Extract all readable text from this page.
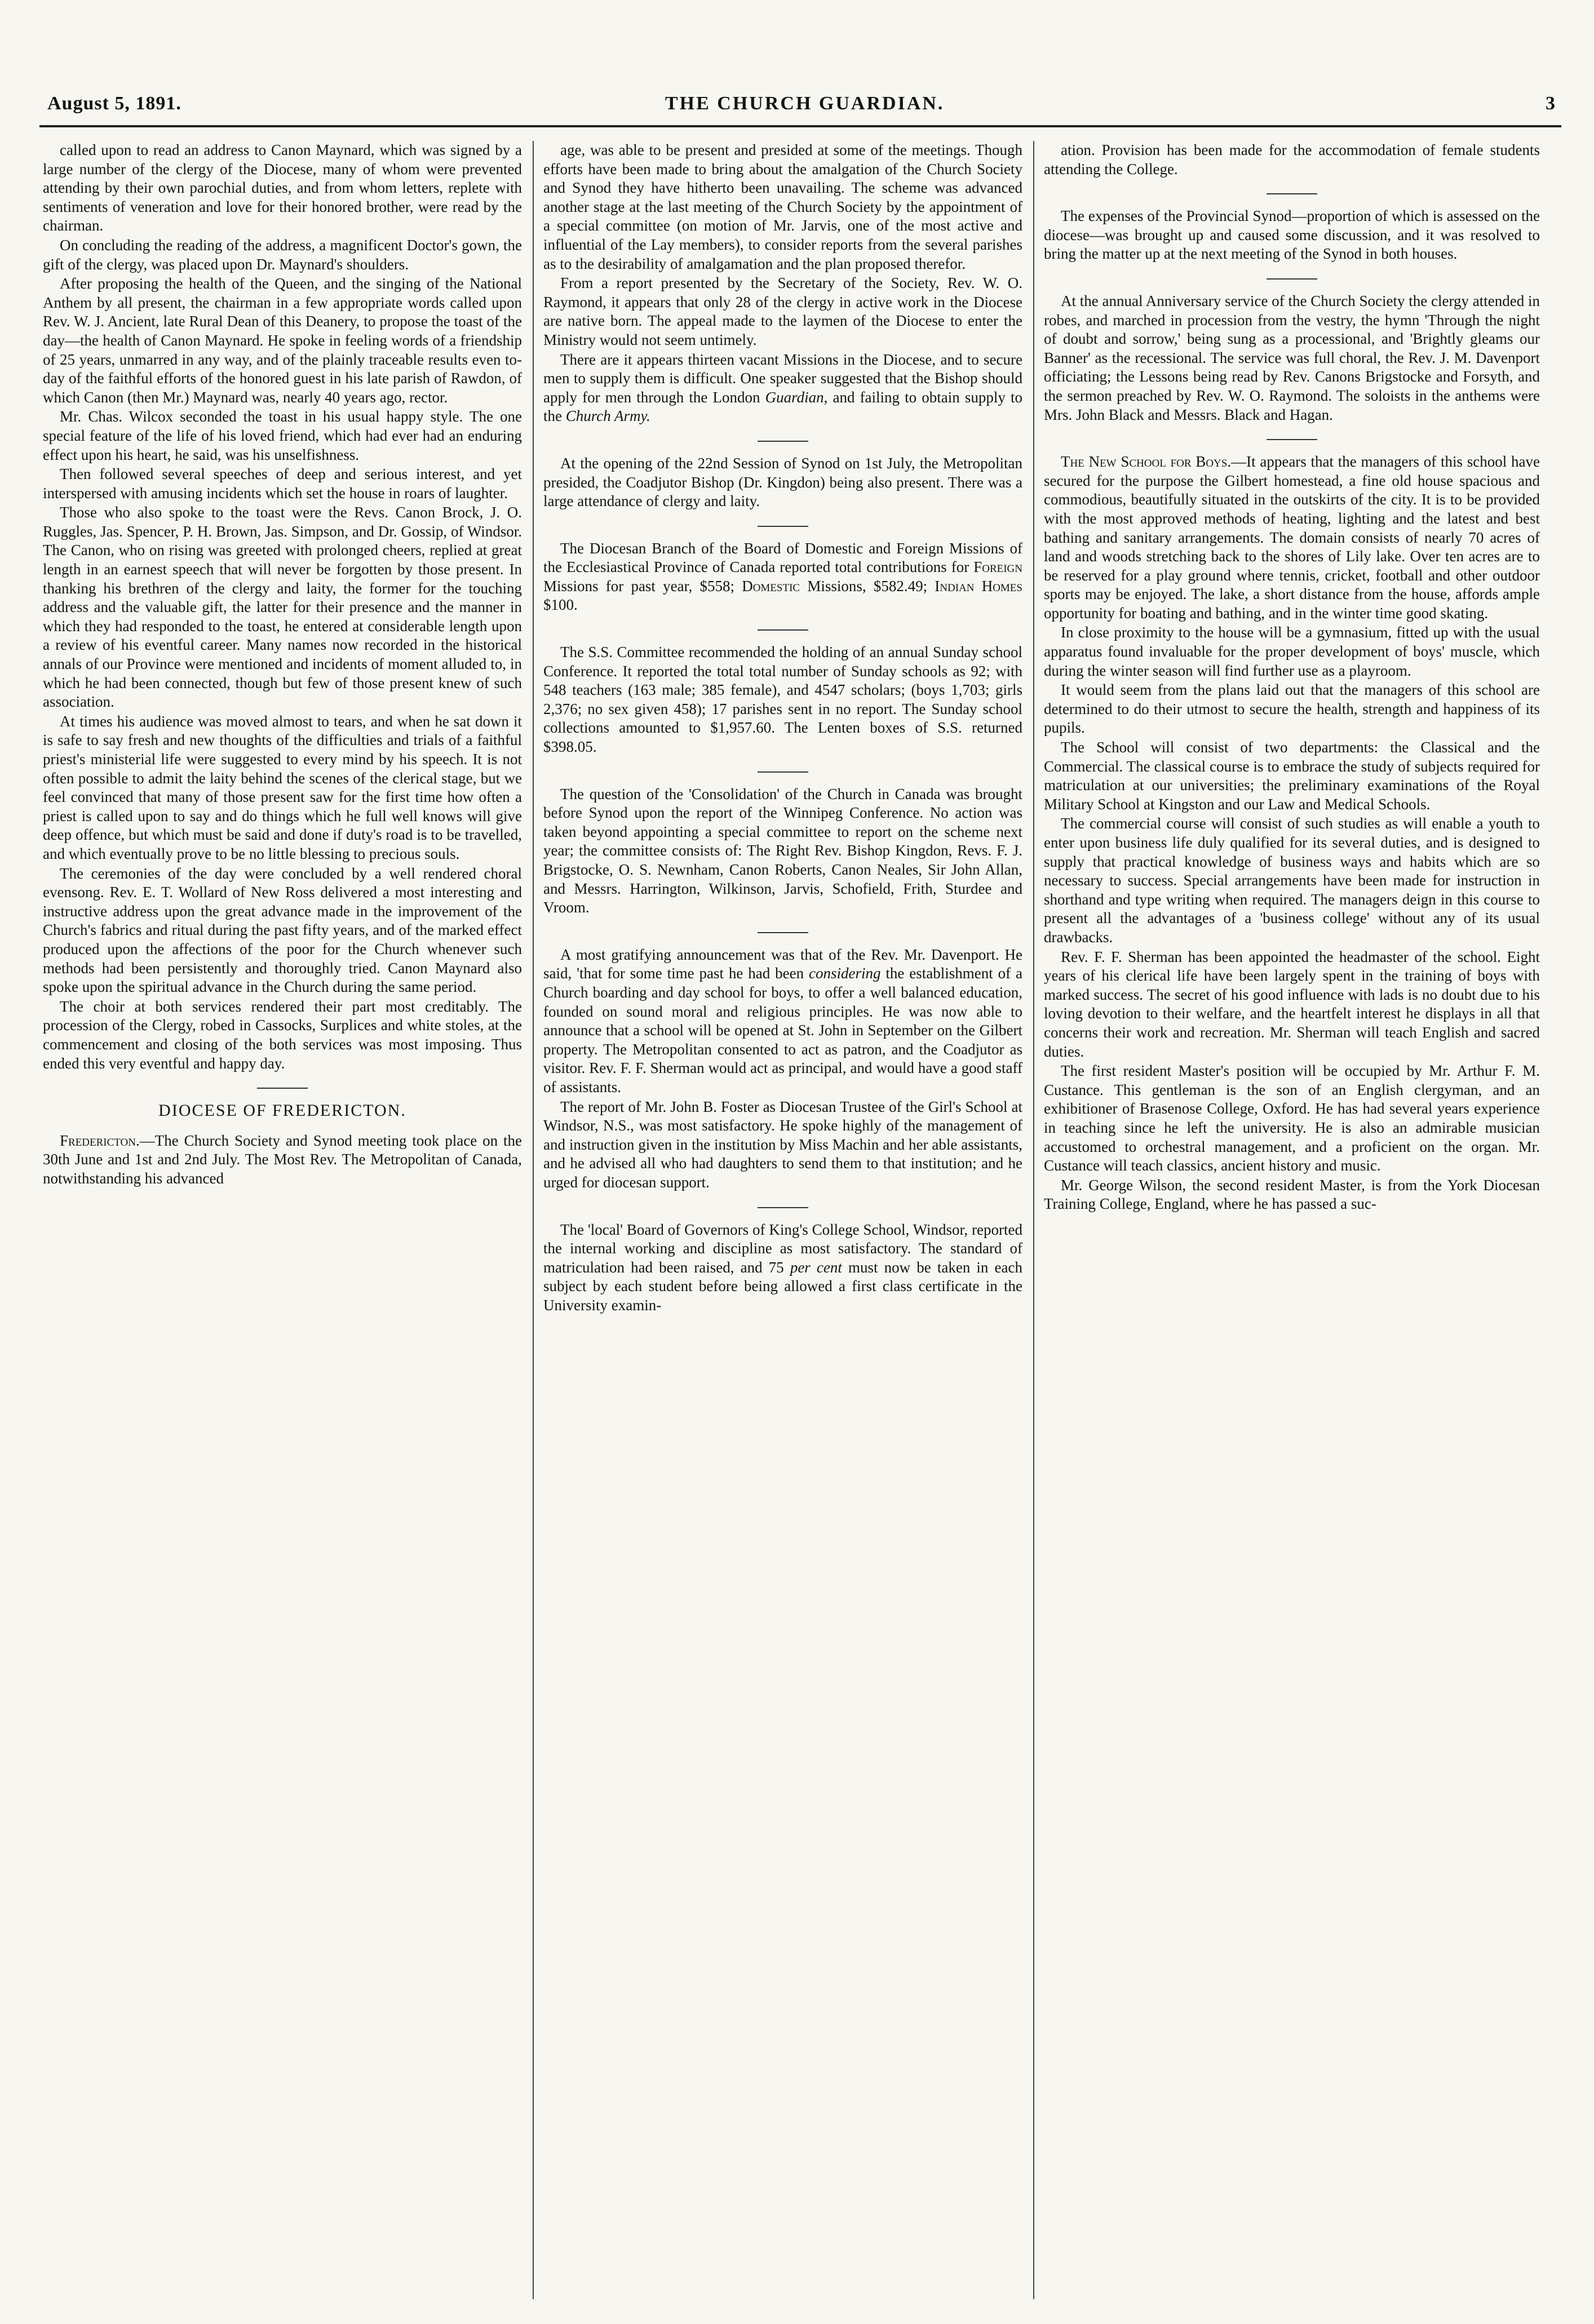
August 5, 1891.	THE CHURCH GUARDIAN.	3

called upon to read an address to Canon Maynard, which was signed by a large number of the clergy of the Diocese, many of whom were prevented attending by their own parochial duties, and from whom letters, replete with sentiments of veneration and love for their honored brother, were read by the chairman.

On concluding the reading of the address, a magnificent Doctor's gown, the gift of the clergy, was placed upon Dr. Maynard's shoulders.

After proposing the health of the Queen, and the singing of the National Anthem by all present, the chairman in a few appropriate words called upon Rev. W. J. Ancient, late Rural Dean of this Deanery, to propose the toast of the day—the health of Canon Maynard. He spoke in feeling words of a friendship of 25 years, unmarred in any way, and of the plainly traceable results even to-day of the faithful efforts of the honored guest in his late parish of Rawdon, of which Canon (then Mr.) Maynard was, nearly 40 years ago, rector.

Mr. Chas. Wilcox seconded the toast in his usual happy style. The one special feature of the life of his loved friend, which had ever had an enduring effect upon his heart, he said, was his unselfishness.

Then followed several speeches of deep and serious interest, and yet interspersed with amusing incidents which set the house in roars of laughter.

Those who also spoke to the toast were the Revs. Canon Brock, J. O. Ruggles, Jas. Spencer, P. H. Brown, Jas. Simpson, and Dr. Gossip, of Windsor. The Canon, who on rising was greeted with prolonged cheers, replied at great length in an earnest speech that will never be forgotten by those present. In thanking his brethren of the clergy and laity, the former for the touching address and the valuable gift, the latter for their presence and the manner in which they had responded to the toast, he entered at considerable length upon a review of his eventful career. Many names now recorded in the historical annals of our Province were mentioned and incidents of moment alluded to, in which he had been connected, though but few of those present knew of such association.

At times his audience was moved almost to tears, and when he sat down it is safe to say fresh and new thoughts of the difficulties and trials of a faithful priest's ministerial life were suggested to every mind by his speech. It is not often possible to admit the laity behind the scenes of the clerical stage, but we feel convinced that many of those present saw for the first time how often a priest is called upon to say and do things which he full well knows will give deep offence, but which must be said and done if duty's road is to be travelled, and which eventually prove to be no little blessing to precious souls.

The ceremonies of the day were concluded by a well rendered choral evensong. Rev. E. T. Wollard of New Ross delivered a most interesting and instructive address upon the great advance made in the improvement of the Church's fabrics and ritual during the past fifty years, and of the marked effect produced upon the affections of the poor for the Church whenever such methods had been persistently and thoroughly tried. Canon Maynard also spoke upon the spiritual advance in the Church during the same period.

The choir at both services rendered their part most creditably. The procession of the Clergy, robed in Cassocks, Surplices and white stoles, at the commencement and closing of the both services was most imposing. Thus ended this very eventful and happy day.

DIOCESE OF FREDERICTON.

Fredericton.—The Church Society and Synod meeting took place on the 30th June and 1st and 2nd July. The Most Rev. The Metropolitan of Canada, notwithstanding his advanced

age, was able to be present and presided at some of the meetings. Though efforts have been made to bring about the amalgation of the Church Society and Synod they have hitherto been unavailing. The scheme was advanced another stage at the last meeting of the Church Society by the appointment of a special committee (on motion of Mr. Jarvis, one of the most active and influential of the Lay members), to consider reports from the several parishes as to the desirability of amalgamation and the plan proposed therefor.

From a report presented by the Secretary of the Society, Rev. W. O. Raymond, it appears that only 28 of the clergy in active work in the Diocese are native born. The appeal made to the laymen of the Diocese to enter the Ministry would not seem untimely.

There are it appears thirteen vacant Missions in the Diocese, and to secure men to supply them is difficult. One speaker suggested that the Bishop should apply for men through the London Guardian, and failing to obtain supply to the Church Army.

At the opening of the 22nd Session of Synod on 1st July, the Metropolitan presided, the Coadjutor Bishop (Dr. Kingdon) being also present. There was a large attendance of clergy and laity.

The Diocesan Branch of the Board of Domestic and Foreign Missions of the Ecclesiastical Province of Canada reported total contributions for Foreign Missions for past year, $558; Domestic Missions, $582.49; Indian Homes $100.

The S.S. Committee recommended the holding of an annual Sunday school Conference. It reported the total total number of Sunday schools as 92; with 548 teachers (163 male; 385 female), and 4547 scholars; (boys 1,703; girls 2,376; no sex given 458); 17 parishes sent in no report. The Sunday school collections amounted to $1,957.60. The Lenten boxes of S.S. returned $398.05.

The question of the 'Consolidation' of the Church in Canada was brought before Synod upon the report of the Winnipeg Conference. No action was taken beyond appointing a special committee to report on the scheme next year; the committee consists of: The Right Rev. Bishop Kingdon, Revs. F. J. Brigstocke, O. S. Newnham, Canon Roberts, Canon Neales, Sir John Allan, and Messrs. Harrington, Wilkinson, Jarvis, Schofield, Frith, Sturdee and Vroom.

A most gratifying announcement was that of the Rev. Mr. Davenport. He said, 'that for some time past he had been considering the establishment of a Church boarding and day school for boys, to offer a well balanced education, founded on sound moral and religious principles. He was now able to announce that a school will be opened at St. John in September on the Gilbert property. The Metropolitan consented to act as patron, and the Coadjutor as visitor. Rev. F. F. Sherman would act as principal, and would have a good staff of assistants.

The report of Mr. John B. Foster as Diocesan Trustee of the Girl's School at Windsor, N.S., was most satisfactory. He spoke highly of the management of and instruction given in the institution by Miss Machin and her able assistants, and he advised all who had daughters to send them to that institution; and he urged for diocesan support.

The 'local' Board of Governors of King's College School, Windsor, reported the internal working and discipline as most satisfactory. The standard of matriculation had been raised, and 75 per cent must now be taken in each subject by each student before being allowed a first class certificate in the University examin-

ation. Provision has been made for the accommodation of female students attending the College.

The expenses of the Provincial Synod—proportion of which is assessed on the diocese—was brought up and caused some discussion, and it was resolved to bring the matter up at the next meeting of the Synod in both houses.

At the annual Anniversary service of the Church Society the clergy attended in robes, and marched in procession from the vestry, the hymn 'Through the night of doubt and sorrow,' being sung as a processional, and 'Brightly gleams our Banner' as the recessional. The service was full choral, the Rev. J. M. Davenport officiating; the Lessons being read by Rev. Canons Brigstocke and Forsyth, and the sermon preached by Rev. W. O. Raymond. The soloists in the anthems were Mrs. John Black and Messrs. Black and Hagan.

The New School for Boys.—It appears that the managers of this school have secured for the purpose the Gilbert homestead, a fine old house spacious and commodious, beautifully situated in the outskirts of the city. It is to be provided with the most approved methods of heating, lighting and the latest and best bathing and sanitary arrangements. The domain consists of nearly 70 acres of land and woods stretching back to the shores of Lily lake. Over ten acres are to be reserved for a play ground where tennis, cricket, football and other outdoor sports may be enjoyed. The lake, a short distance from the house, affords ample opportunity for boating and bathing, and in the winter time good skating.

In close proximity to the house will be a gymnasium, fitted up with the usual apparatus found invaluable for the proper development of boys' muscle, which during the winter season will find further use as a playroom.

It would seem from the plans laid out that the managers of this school are determined to do their utmost to secure the health, strength and happiness of its pupils.

The School will consist of two departments: the Classical and the Commercial. The classical course is to embrace the study of subjects required for matriculation at our universities; the preliminary examinations of the Royal Military School at Kingston and our Law and Medical Schools.

The commercial course will consist of such studies as will enable a youth to enter upon business life duly qualified for its several duties, and is designed to supply that practical knowledge of business ways and habits which are so necessary to success. Special arrangements have been made for instruction in shorthand and type writing when required. The managers deign in this course to present all the advantages of a 'business college' without any of its usual drawbacks.

Rev. F. F. Sherman has been appointed the headmaster of the school. Eight years of his clerical life have been largely spent in the training of boys with marked success. The secret of his good influence with lads is no doubt due to his loving devotion to their welfare, and the heartfelt interest he displays in all that concerns their work and recreation. Mr. Sherman will teach English and sacred duties.

The first resident Master's position will be occupied by Mr. Arthur F. M. Custance. This gentleman is the son of an English clergyman, and an exhibitioner of Brasenose College, Oxford. He has had several years experience in teaching since he left the university. He is also an admirable musician accustomed to orchestral management, and a proficient on the organ. Mr. Custance will teach classics, ancient history and music.

Mr. George Wilson, the second resident Master, is from the York Diocesan Training College, England, where he has passed a suc-
